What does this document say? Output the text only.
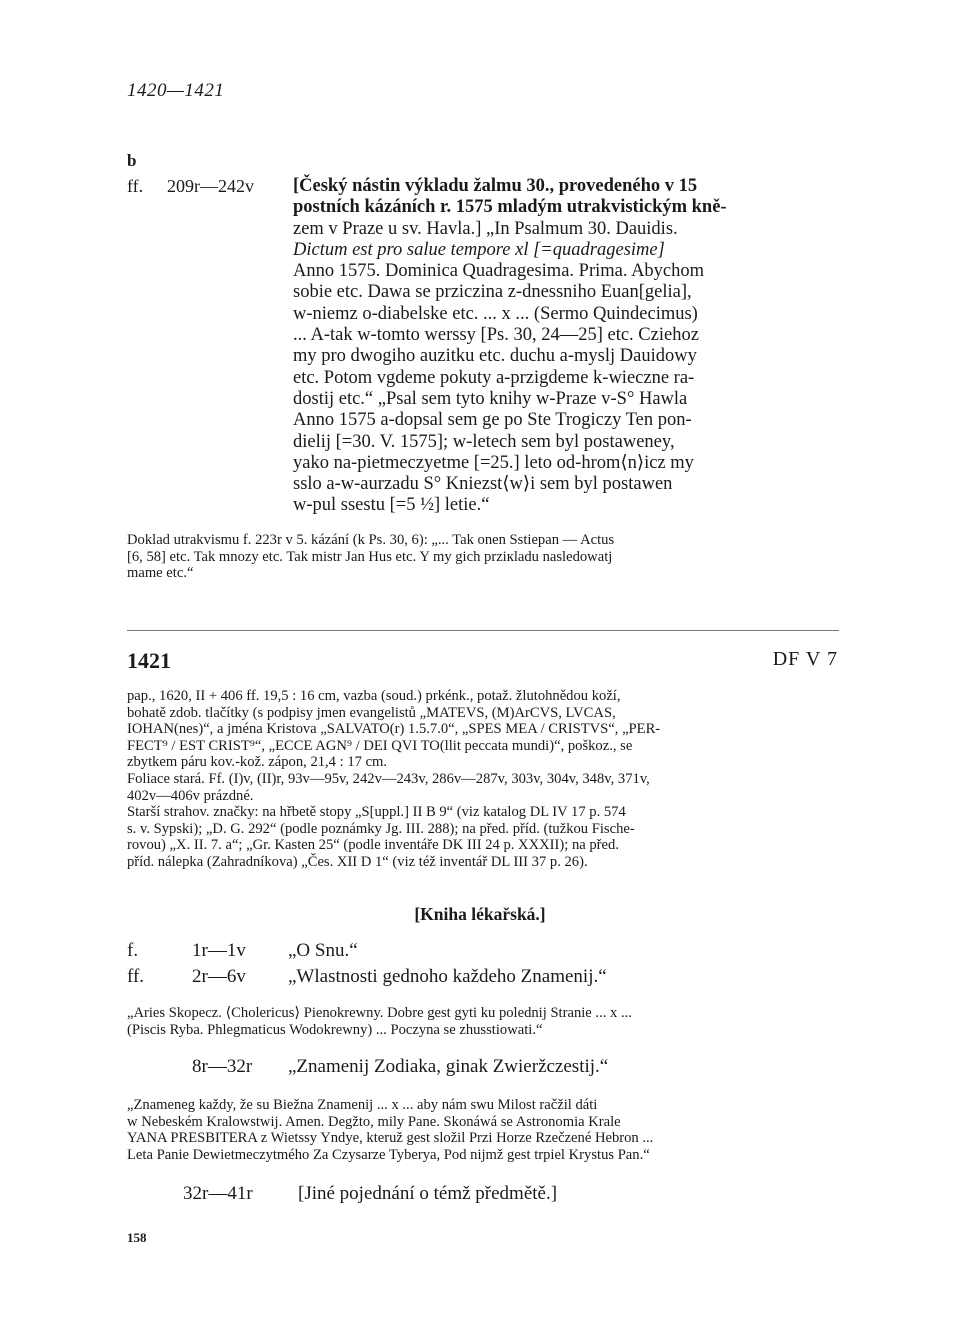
1420—1421
b
ff. 209r—242v [Český nástin výkladu žalmu 30., provedeného v 15
postních kázáních r. 1575 mladým utrakvistickým kně-
zem v Praze u sv. Havla.] „In Psalmum 30. Dauidis.
Dictum est pro salue tempore xl [=quadragesime]
Anno 1575. Dominica Quadragesima. Prima. Abychom
sobie etc. Dawa se prziczina z-dnessniho Euan[gelia],
w-niemz o-diabelske etc. ... x ... (Sermo Quindecimus)
... A-tak w-tomto werssy [Ps. 30, 24—25] etc. Cziehoz
my pro dwogiho auzitku etc. duchu a-myslj Dauidowy
etc. Potom vgdeme pokuty a-przigdeme k-wieczne ra-
dostij etc.“ „Psal sem tyto knihy w-Praze v-S° Hawla
Anno 1575 a-dopsal sem ge po Ste Trogiczy Ten pon-
dielij [=30. V. 1575]; w-letech sem byl postaweney,
yako na-pietmeczyetme [=25.] leto od-hrom⟨n⟩icz my
sslo a-w-aurzadu S° Kniezst⟨w⟩i sem byl postawen
w-pul ssestu [=5 ½] letie.“
Doklad utrakvismu f. 223r v 5. kázání (k Ps. 30, 6): „... Tak onen Sstiepan — Actus
[6, 58] etc. Tak mnozy etc. Tak mistr Jan Hus etc. Y my gich prziкladu nasledowatj
mame etc.“
1421	DF V 7
pap., 1620, II + 406 ff. 19,5 : 16 cm, vazba (soud.) prkénk., potaž. žlutohnědou koží,
bohatě zdob. tlačítky (s podpisy jmen evangelistů „MATEVS, (M)ArCVS, LVCAS,
IOHAN(nes)“, a jména Kristova „SALVATO(r) 1.5.7.0“, „SPES MEA / CRISTVS“, „PER-
FECT⁹ / EST CRIST⁹“, „ECCE AGN⁹ / DEI QVI TO(llit peccata mundi)“, poškoz., se
zbytkem páru kov.-kož. zápon, 21,4 : 17 cm.
Foliace stará. Ff. (I)v, (II)r, 93v—95v, 242v—243v, 286v—287v, 303v, 304v, 348v, 371v,
402v—406v prázdné.
Starší strahov. značky: na hřbetě stopy „S[uppl.] II B 9“ (viz katalog DL IV 17 p. 574
s. v. Sypski); „D. G. 292“ (podle poznámky Jg. III. 288); na před. příd. (tužkou Fische-
rovou) „X. II. 7. a“; „Gr. Kasten 25“ (podle inventáře DK III 24 p. XXXII); na před.
příd. nálepka (Zahradníkova) „Čes. XII D 1“ (viz též inventář DL III 37 p. 26).
[Kniha lékařská.]
f.	1r—1v „O Snu.“
ff.	2r—6v „Wlastnosti gednoho každeho Znamenij.“
„Aries Skopecz. ⟨Cholericus⟩ Pienokrewny. Dobre gest gyti ku polednij Stranie ... x ...
(Piscis Ryba. Phlegmaticus Wodokrewny) ... Poczyna se zhusstiowati.“
8r—32r „Znamenij Zodiaka, ginak Zwieržczestij.“
„Znameneg každy, že su Biežna Znamenij ... x ... aby nám swu Milost račžil dáti
w Nebeském Kralowstwij. Amen. Degžto, mily Pane. Skonáwá se Astronomia Krale
YANA PRESBITERA z Wietssy Yndye, kteruž gest složil Przi Horze Rzečzené Hebron ...
Leta Panie Dewietmeczytmého Za Czysarze Tyberya, Pod nijmž gest trpiel Krystus Pan.“
32r—41r [Jiné pojednání o témž předmětě.]
158
